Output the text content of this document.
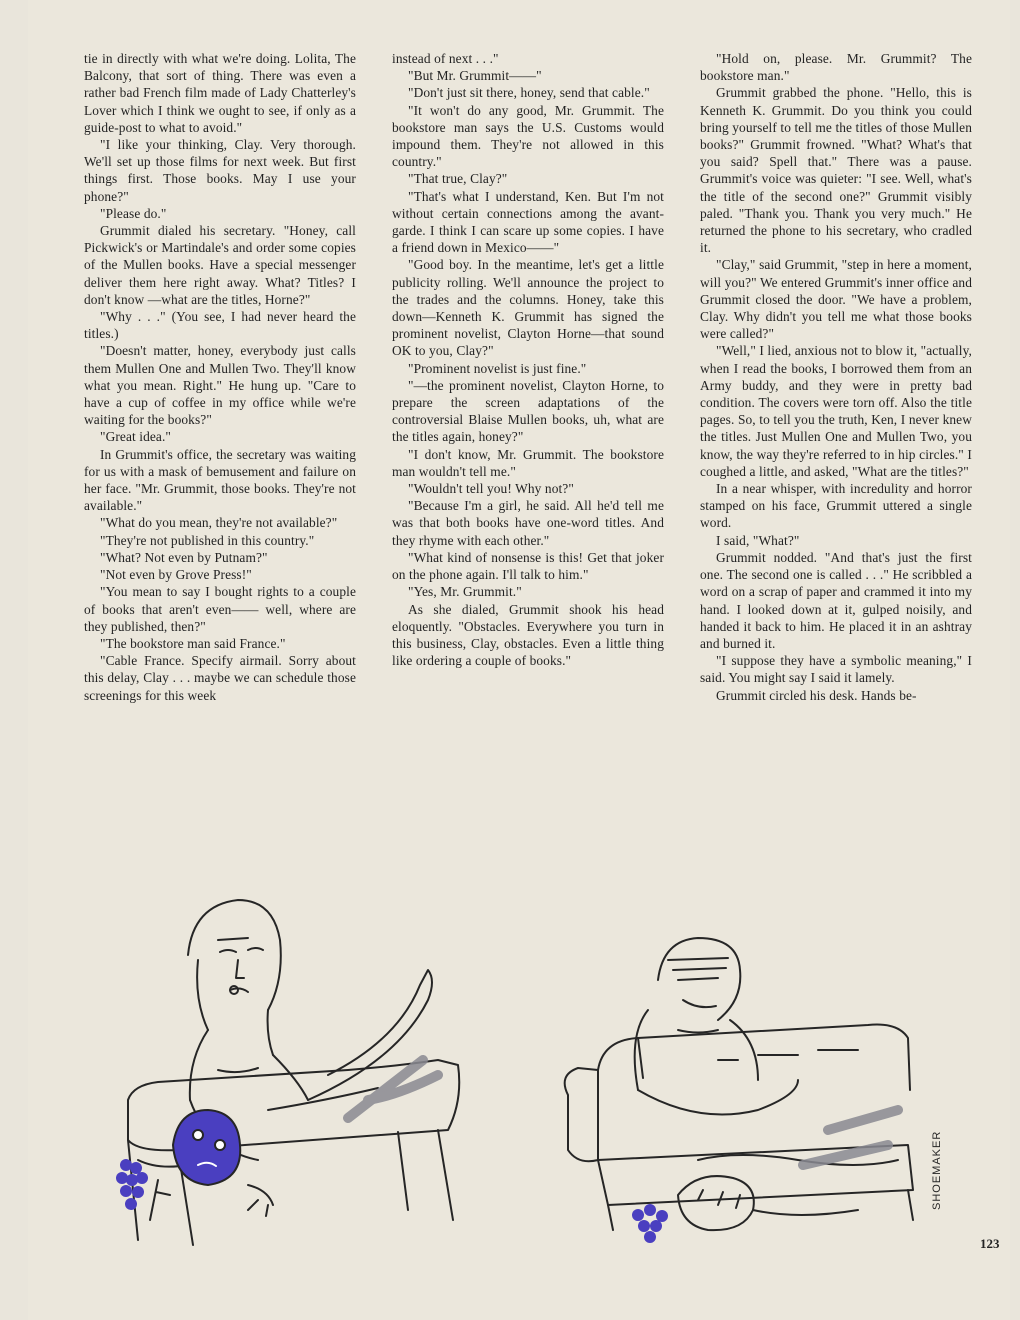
tie in directly with what we're doing. Lolita, The Balcony, that sort of thing. There was even a rather bad French film made of Lady Chatterley's Lover which I think we ought to see, if only as a guide-post to what to avoid."

"I like your thinking, Clay. Very thorough. We'll set up those films for next week. But first things first. Those books. May I use your phone?"

"Please do."

Grummit dialed his secretary. "Honey, call Pickwick's or Martindale's and order some copies of the Mullen books. Have a special messenger deliver them here right away. What? Titles? I don't know —what are the titles, Horne?"

"Why . . ." (You see, I had never heard the titles.)

"Doesn't matter, honey, everybody just calls them Mullen One and Mullen Two. They'll know what you mean. Right." He hung up. "Care to have a cup of coffee in my office while we're waiting for the books?"

"Great idea."

In Grummit's office, the secretary was waiting for us with a mask of bemusement and failure on her face. "Mr. Grummit, those books. They're not available."

"What do you mean, they're not available?"

"They're not published in this country."

"What? Not even by Putnam?"

"Not even by Grove Press!"

"You mean to say I bought rights to a couple of books that aren't even—— well, where are they published, then?"

"The bookstore man said France."

"Cable France. Specify airmail. Sorry about this delay, Clay . . . maybe we can schedule those screenings for this week

instead of next . . ."

"But Mr. Grummit——"

"Don't just sit there, honey, send that cable."

"It won't do any good, Mr. Grummit. The bookstore man says the U.S. Customs would impound them. They're not allowed in this country."

"That true, Clay?"

"That's what I understand, Ken. But I'm not without certain connections among the avant-garde. I think I can scare up some copies. I have a friend down in Mexico——"

"Good boy. In the meantime, let's get a little publicity rolling. We'll announce the project to the trades and the columns. Honey, take this down—Kenneth K. Grummit has signed the prominent novelist, Clayton Horne—that sound OK to you, Clay?"

"Prominent novelist is just fine."

"—the prominent novelist, Clayton Horne, to prepare the screen adaptations of the controversial Blaise Mullen books, uh, what are the titles again, honey?"

"I don't know, Mr. Grummit. The bookstore man wouldn't tell me."

"Wouldn't tell you! Why not?"

"Because I'm a girl, he said. All he'd tell me was that both books have one-word titles. And they rhyme with each other."

"What kind of nonsense is this! Get that joker on the phone again. I'll talk to him."

"Yes, Mr. Grummit."

As she dialed, Grummit shook his head eloquently. "Obstacles. Everywhere you turn in this business, Clay, obstacles. Even a little thing like ordering a couple of books."

"Hold on, please. Mr. Grummit? The bookstore man."

Grummit grabbed the phone. "Hello, this is Kenneth K. Grummit. Do you think you could bring yourself to tell me the titles of those Mullen books?" Grummit frowned. "What? What's that you said? Spell that." There was a pause. Grummit's voice was quieter: "I see. Well, what's the title of the second one?" Grummit visibly paled. "Thank you. Thank you very much." He returned the phone to his secretary, who cradled it.

"Clay," said Grummit, "step in here a moment, will you?" We entered Grummit's inner office and Grummit closed the door. "We have a problem, Clay. Why didn't you tell me what those books were called?"

"Well," I lied, anxious not to blow it, "actually, when I read the books, I borrowed them from an Army buddy, and they were in pretty bad condition. The covers were torn off. Also the title pages. So, to tell you the truth, Ken, I never knew the titles. Just Mullen One and Mullen Two, you know, the way they're referred to in hip circles." I coughed a little, and asked, "What are the titles?"

In a near whisper, with incredulity and horror stamped on his face, Grummit uttered a single word.

I said, "What?"

Grummit nodded. "And that's just the first one. The second one is called . . ." He scribbled a word on a scrap of paper and crammed it into my hand. I looked down at it, gulped noisily, and handed it back to him. He placed it in an ashtray and burned it.

"I suppose they have a symbolic meaning," I said. You might say I said it lamely.

Grummit circled his desk. Hands be-

SHOEMAKER
123
